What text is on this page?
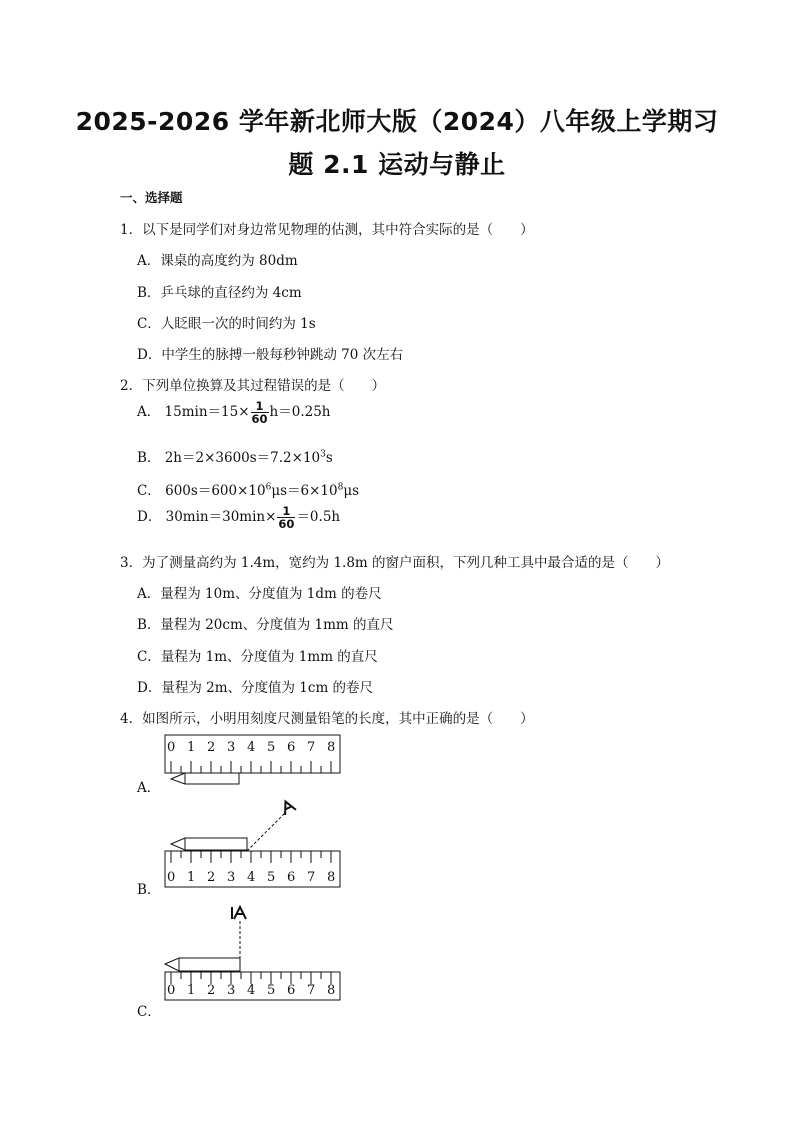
2025-2026 学年新北师大版（2024）八年级上学期习
题 2.1 运动与静止
一、选择题
1．以下是同学们对身边常见物理的估测，其中符合实际的是（　　）
A．课桌的高度约为 80dm
B．乒乓球的直径约为 4cm
C．人眨眼一次的时间约为 1s
D．中学生的脉搏一般每秒钟跳动 70 次左右
2．下列单位换算及其过程错误的是（　　）
A． $15\min=15\times \frac{1}{60} h=0.25h$
B． $2h=2\times 3600s=7.2\times 10^3s$
C． $600s=600\times 10^6\mu s=6\times 10^8\mu s$
D． $30\min=30\min\times \frac{1}{60} =0.5h$
3．为了测量高约为 1.4m，宽约为 1.8m 的窗户面积，下列几种工具中最合适的是（　　）
A．量程为 10m、分度值为 1dm 的卷尺
B．量程为 20cm、分度值为 1mm 的直尺
C．量程为 1m、分度值为 1mm 的直尺
D．量程为 2m、分度值为 1cm 的卷尺
4．如图所示，小明用刻度尺测量铅笔的长度，其中正确的是（　　）
A．
0 1 2 3 4 5 6 7 8
B．
0 1 2 3 4 5 6 7 8
C．
0 1 2 3 4 5 6 7 8
